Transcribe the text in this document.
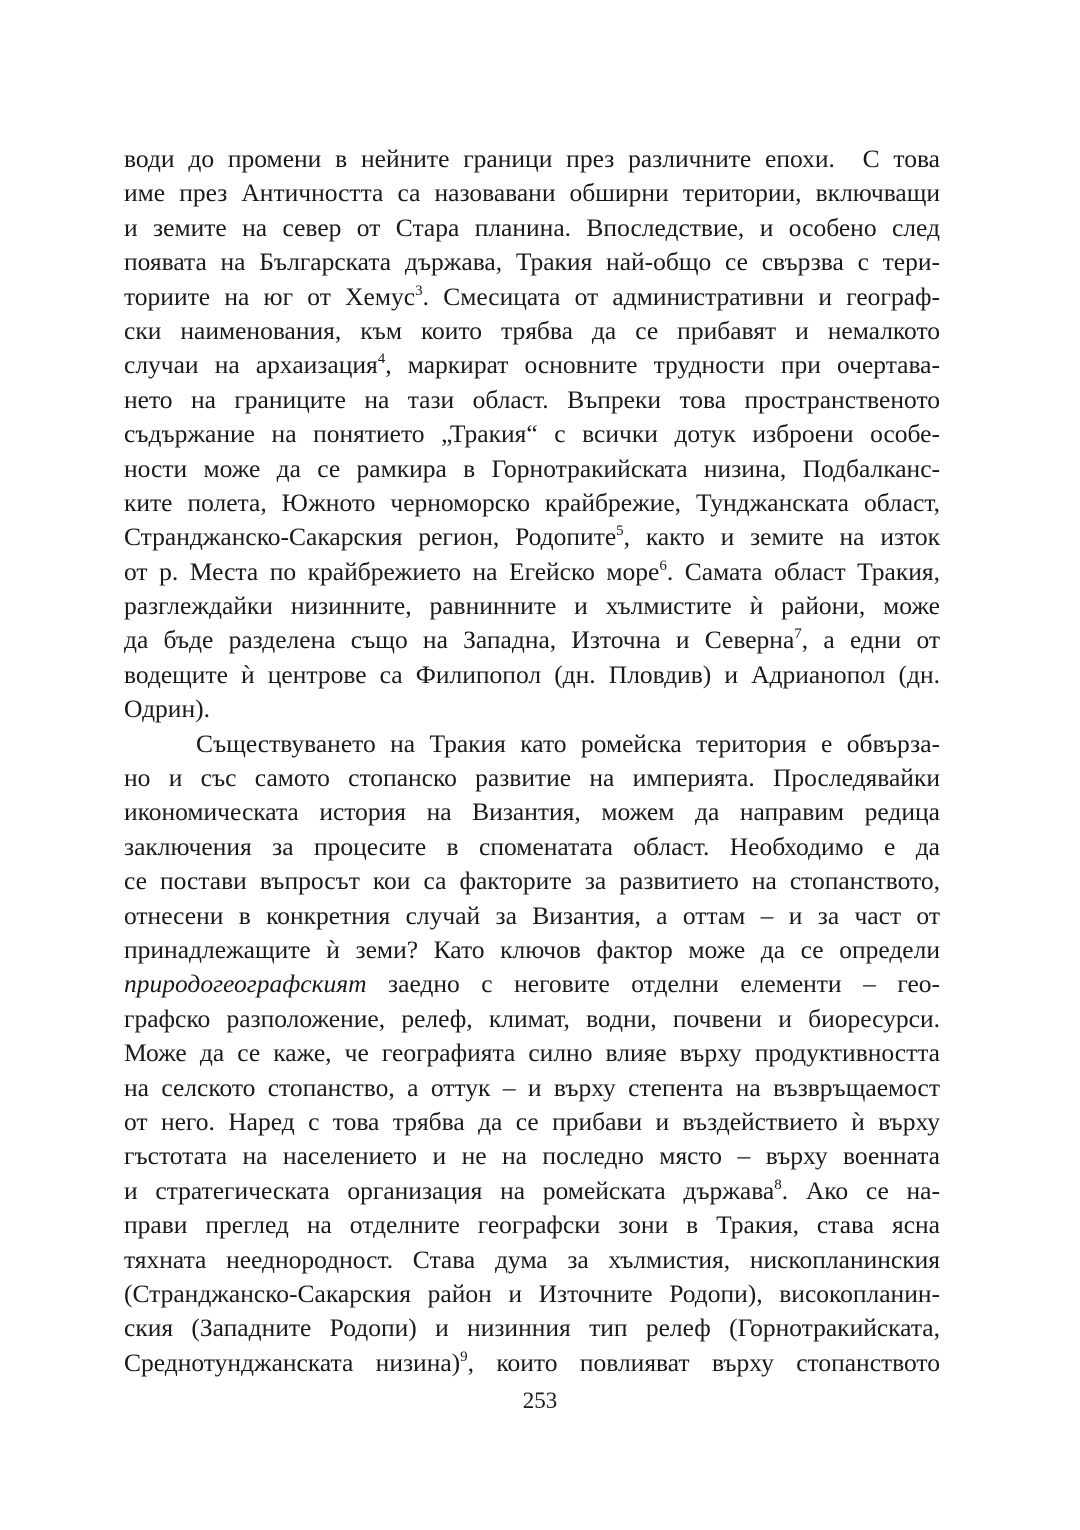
води до промени в нейните граници през различните епохи.  С това
име през Античността са назовавани обширни територии, включващи
и земите на север от Стара планина. Впоследствие, и особено след
появата на Българската държава, Тракия най-общо се свързва с тери-
ториите на юг от Хемус$^3$. Смесицата от административни и географ-
ски наименования, към които трябва да се прибавят и немалкото
случаи на архаизация$^4$, маркират основните трудности при очертава-
нето на границите на тази област. Въпреки това пространственото
съдържание на понятието „Тракия“ с всички дотук изброени особе-
ности може да се рамкира в Горнотракийската низина, Подбалканс-
ките полета, Южното черноморско крайбрежие, Тунджанската област,
Странджанско-Сакарския регион, Родопите$^5$, както и земите на изток
от р. Места по крайбрежието на Егейско море$^6$. Самата област Тракия,
разглеждайки низинните, равнинните и хълмистите ѝ райони, може
да бъде разделена също на Западна, Източна и Северна$^7$, а едни от
водещите ѝ центрове са Филипопол (дн. Пловдив) и Адрианопол (дн.
Одрин).
Съществуването на Тракия като ромейска територия е обвърза-
но и със самото стопанско развитие на империята. Проследявайки
икономическата история на Византия, можем да направим редица
заключения за процесите в споменатата област. Необходимо е да
се постави въпросът кои са факторите за развитието на стопанството,
отнесени в конкретния случай за Византия, а оттам – и за част от
принадлежащите ѝ земи? Като ключов фактор може да се определи
природогеографският заедно с неговите отделни елементи – гео-
графско разположение, релеф, климат, водни, почвени и биоресурси.
Може да се каже, че географията силно влияе върху продуктивността
на селското стопанство, а оттук – и върху степента на възвръщаемост
от него. Наред с това трябва да се прибави и въздействието ѝ върху
гъстотата на населението и не на последно място – върху военната
и стратегическата организация на ромейската държава$^8$. Ако се на-
прави преглед на отделните географски зони в Тракия, става ясна
тяхната нееднородност. Става дума за хълмистия, нископланинския
(Странджанско-Сакарския район и Източните Родопи), високопланин-
ския (Западните Родопи) и низинния тип релеф (Горнотракийската,
Среднотунджанската низина)$^9$, които повлияват върху стопанството
253
